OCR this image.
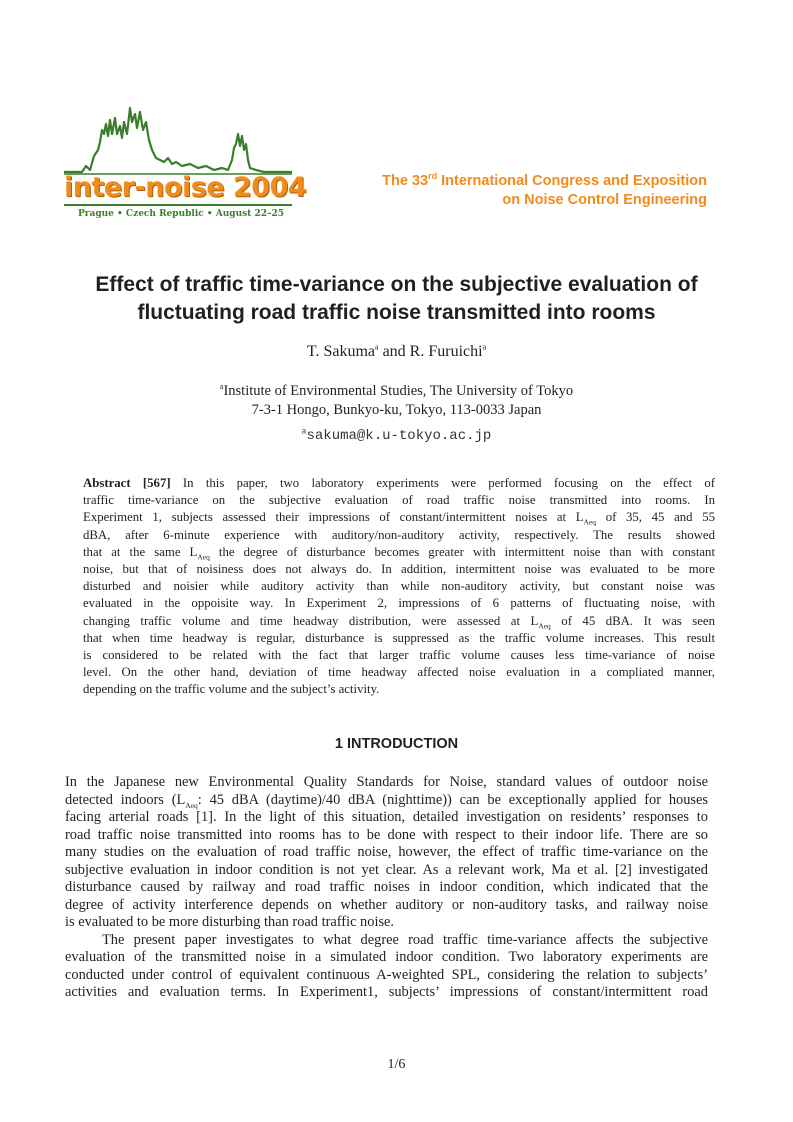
inter-noise 2004
Prague • Czech Republic • August 22–25
The 33rd International Congress and Exposition
on Noise Control Engineering
Effect of traffic time-variance on the subjective evaluation of
fluctuating road traffic noise transmitted into rooms
T. Sakuma$^a$ and R. Furuichi$^a$
$^a$Institute of Environmental Studies, The University of Tokyo
7-3-1 Hongo, Bunkyo-ku, Tokyo, 113-0033 Japan
$^a$sakuma@k.u-tokyo.ac.jp
Abstract [567] In this paper, two laboratory experiments were performed focusing on the effect of
traffic time-variance on the subjective evaluation of road traffic noise transmitted into rooms. In
Experiment 1, subjects assessed their impressions of constant/intermittent noises at $L_{Aeq}$ of 35, 45 and 55
dBA, after 6-minute experience with auditory/non-auditory activity, respectively. The results showed
that at the same $L_{Aeq}$ the degree of disturbance becomes greater with intermittent noise than with constant
noise, but that of noisiness does not always do. In addition, intermittent noise was evaluated to be more
disturbed and noisier while auditory activity than while non-auditory activity, but constant noise was
evaluated in the oppoisite way. In Experiment 2, impressions of 6 patterns of fluctuating noise, with
changing traffic volume and time headway distribution, were assessed at $L_{Aeq}$ of 45 dBA. It was seen
that when time headway is regular, disturbance is suppressed as the traffic volume increases. This result
is considered to be related with the fact that larger traffic volume causes less time-variance of noise
level. On the other hand, deviation of time headway affected noise evaluation in a compliated manner,
depending on the traffic volume and the subject’s activity.
1 INTRODUCTION
In the Japanese new Environmental Quality Standards for Noise, standard values of outdoor noise
detected indoors ($L_{Aeq}$: 45 dBA (daytime)/40 dBA (nighttime)) can be exceptionally applied for houses
facing arterial roads [1]. In the light of this situation, detailed investigation on residents’ responses to
road traffic noise transmitted into rooms has to be done with respect to their indoor life. There are so
many studies on the evaluation of road traffic noise, however, the effect of traffic time-variance on the
subjective evaluation in indoor condition is not yet clear. As a relevant work, Ma et al. [2] investigated
disturbance caused by railway and road traffic noises in indoor condition, which indicated that the
degree of activity interference depends on whether auditory or non-auditory tasks, and railway noise
is evaluated to be more disturbing than road traffic noise.
The present paper investigates to what degree road traffic time-variance affects the subjective
evaluation of the transmitted noise in a simulated indoor condition. Two laboratory experiments are
conducted under control of equivalent continuous A-weighted SPL, considering the relation to subjects’
activities and evaluation terms. In Experiment1, subjects’ impressions of constant/intermittent road
1/6
